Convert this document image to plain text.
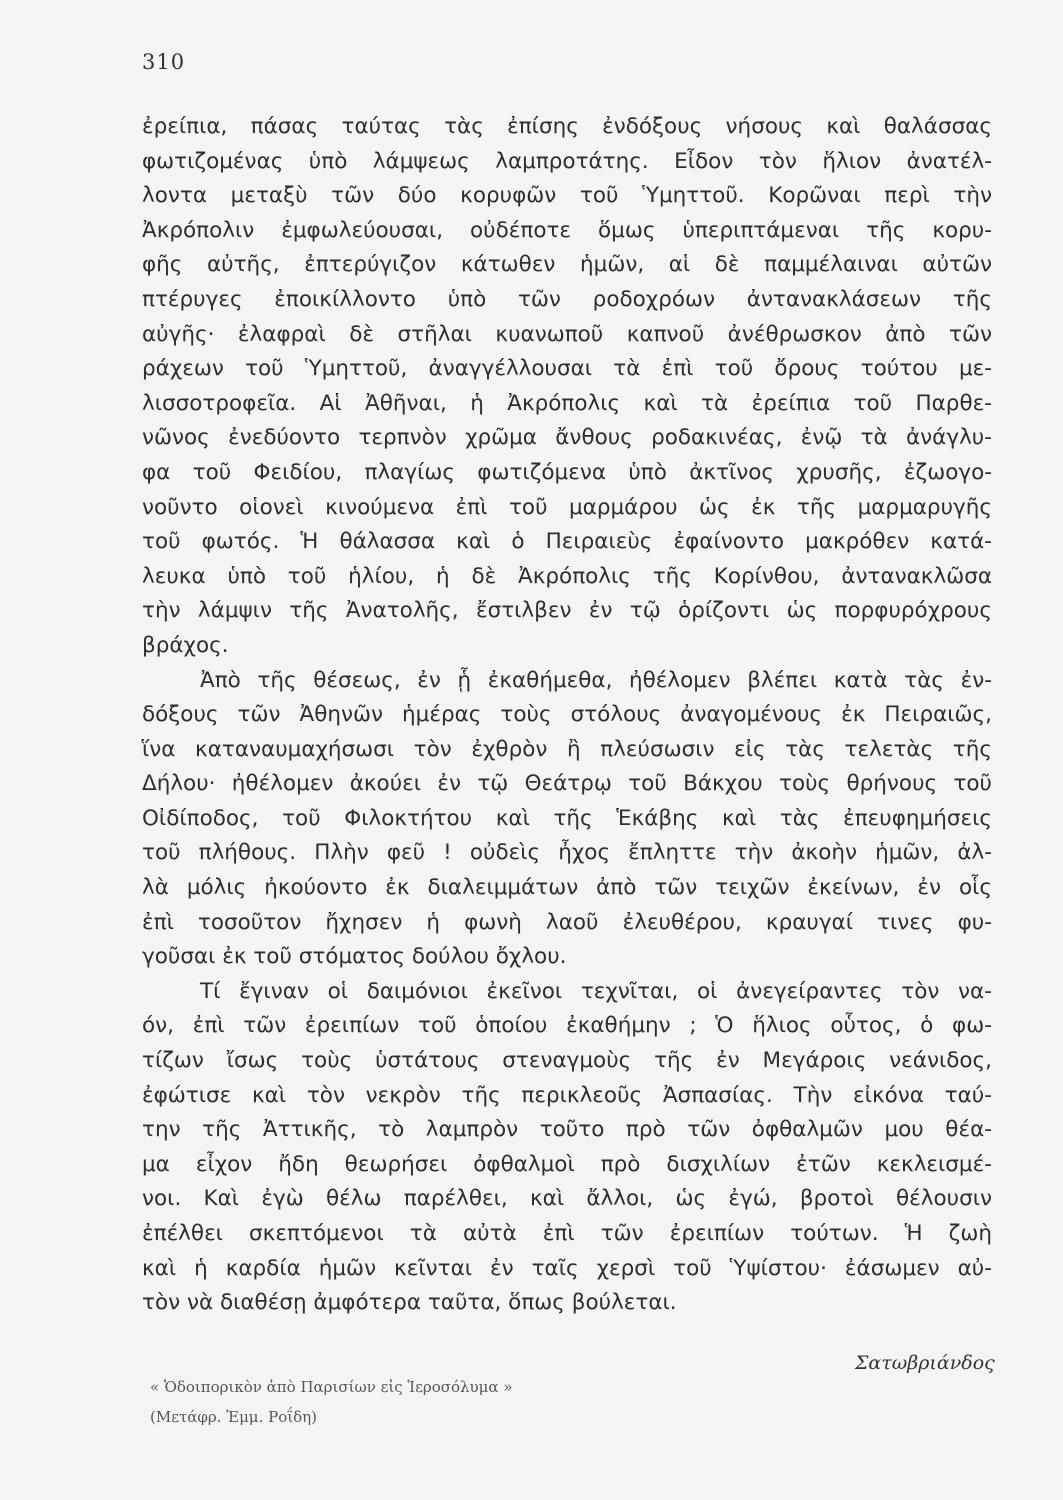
310
ἐρείπια, πάσας ταύτας τὰς ἐπίσης ἐνδόξους νήσους καὶ θαλάσσας
φωτιζομένας ὑπὸ λάμψεως λαμπροτάτης. Εἶδον τὸν ἥλιον ἀνατέλ-
λοντα μεταξὺ τῶν δύο κορυφῶν τοῦ Ὑμηττοῦ. Κορῶναι περὶ τὴν
Ἀκρόπολιν ἐμφωλεύουσαι, οὐδέποτε ὅμως ὑπεριπτάμεναι τῆς κορυ-
φῆς αὐτῆς, ἐπτερύγιζον κάτωθεν ἡμῶν, αἱ δὲ παμμέλαιναι αὐτῶν
πτέρυγες ἐποικίλλοντο ὑπὸ τῶν ροδοχρόων ἀντανακλάσεων τῆς
αὐγῆς· ἐλαφραὶ δὲ στῆλαι κυανωποῦ καπνοῦ ἀνέθρωσκον ἀπὸ τῶν
ράχεων τοῦ Ὑμηττοῦ, ἀναγγέλλουσαι τὰ ἐπὶ τοῦ ὄρους τούτου με-
λισσοτροφεῖα. Αἱ Ἀθῆναι, ἡ Ἀκρόπολις καὶ τὰ ἐρείπια τοῦ Παρθε-
νῶνος ἐνεδύοντο τερπνὸν χρῶμα ἄνθους ροδακινέας, ἐνῷ τὰ ἀνάγλυ-
φα τοῦ Φειδίου, πλαγίως φωτιζόμενα ὑπὸ ἀκτῖνος χρυσῆς, ἐζωογο-
νοῦντο οἱονεὶ κινούμενα ἐπὶ τοῦ μαρμάρου ὡς ἐκ τῆς μαρμαρυγῆς
τοῦ φωτός. Ἡ θάλασσα καὶ ὁ Πειραιεὺς ἐφαίνοντο μακρόθεν κατά-
λευκα ὑπὸ τοῦ ἡλίου, ἡ δὲ Ἀκρόπολις τῆς Κορίνθου, ἀντανακλῶσα
τὴν λάμψιν τῆς Ἀνατολῆς, ἔστιλβεν ἐν τῷ ὁρίζοντι ὡς πορφυρόχρους
βράχος.
Ἀπὸ τῆς θέσεως, ἐν ᾗ ἐκαθήμεθα, ἠθέλομεν βλέπει κατὰ τὰς ἐν-
δόξους τῶν Ἀθηνῶν ἡμέρας τοὺς στόλους ἀναγομένους ἐκ Πειραιῶς,
ἵνα καταναυμαχήσωσι τὸν ἐχθρὸν ἢ πλεύσωσιν εἰς τὰς τελετὰς τῆς
Δήλου· ἠθέλομεν ἀκούει ἐν τῷ Θεάτρῳ τοῦ Βάκχου τοὺς θρήνους τοῦ
Οἰδίποδος, τοῦ Φιλοκτήτου καὶ τῆς Ἑκάβης καὶ τὰς ἐπευφημήσεις
τοῦ πλήθους. Πλὴν φεῦ ! οὐδεὶς ἦχος ἔπληττε τὴν ἀκοὴν ἡμῶν, ἀλ-
λὰ μόλις ἠκούοντο ἐκ διαλειμμάτων ἀπὸ τῶν τειχῶν ἐκείνων, ἐν οἷς
ἐπὶ τοσοῦτον ἤχησεν ἡ φωνὴ λαοῦ ἐλευθέρου, κραυγαί τινες φυ-
γοῦσαι ἐκ τοῦ στόματος δούλου ὄχλου.
Τί ἔγιναν οἱ δαιμόνιοι ἐκεῖνοι τεχνῖται, οἱ ἀνεγείραντες τὸν να-
όν, ἐπὶ τῶν ἐρειπίων τοῦ ὁποίου ἐκαθήμην ; Ὁ ἥλιος οὗτος, ὁ φω-
τίζων ἴσως τοὺς ὑστάτους στεναγμοὺς τῆς ἐν Μεγάροις νεάνιδος,
ἐφώτισε καὶ τὸν νεκρὸν τῆς περικλεοῦς Ἀσπασίας. Τὴν εἰκόνα ταύ-
την τῆς Ἀττικῆς, τὸ λαμπρὸν τοῦτο πρὸ τῶν ὀφθαλμῶν μου θέα-
μα εἶχον ἤδη θεωρήσει ὀφθαλμοὶ πρὸ δισχιλίων ἐτῶν κεκλεισμέ-
νοι. Καὶ ἐγὼ θέλω παρέλθει, καὶ ἄλλοι, ὡς ἐγώ, βροτοὶ θέλουσιν
ἐπέλθει σκεπτόμενοι τὰ αὐτὰ ἐπὶ τῶν ἐρειπίων τούτων. Ἡ ζωὴ
καὶ ἡ καρδία ἡμῶν κεῖνται ἐν ταῖς χερσὶ τοῦ Ὑψίστου· ἐάσωμεν αὐ-
τὸν νὰ διαθέσῃ ἀμφότερα ταῦτα, ὅπως βούλεται.
Σατωβριάνδος
« Ὁδοιπορικὸν ἀπὸ Παρισίων εἰς Ἱεροσόλυμα »
(Μετάφρ. Ἐμμ. Ροΐδη)
